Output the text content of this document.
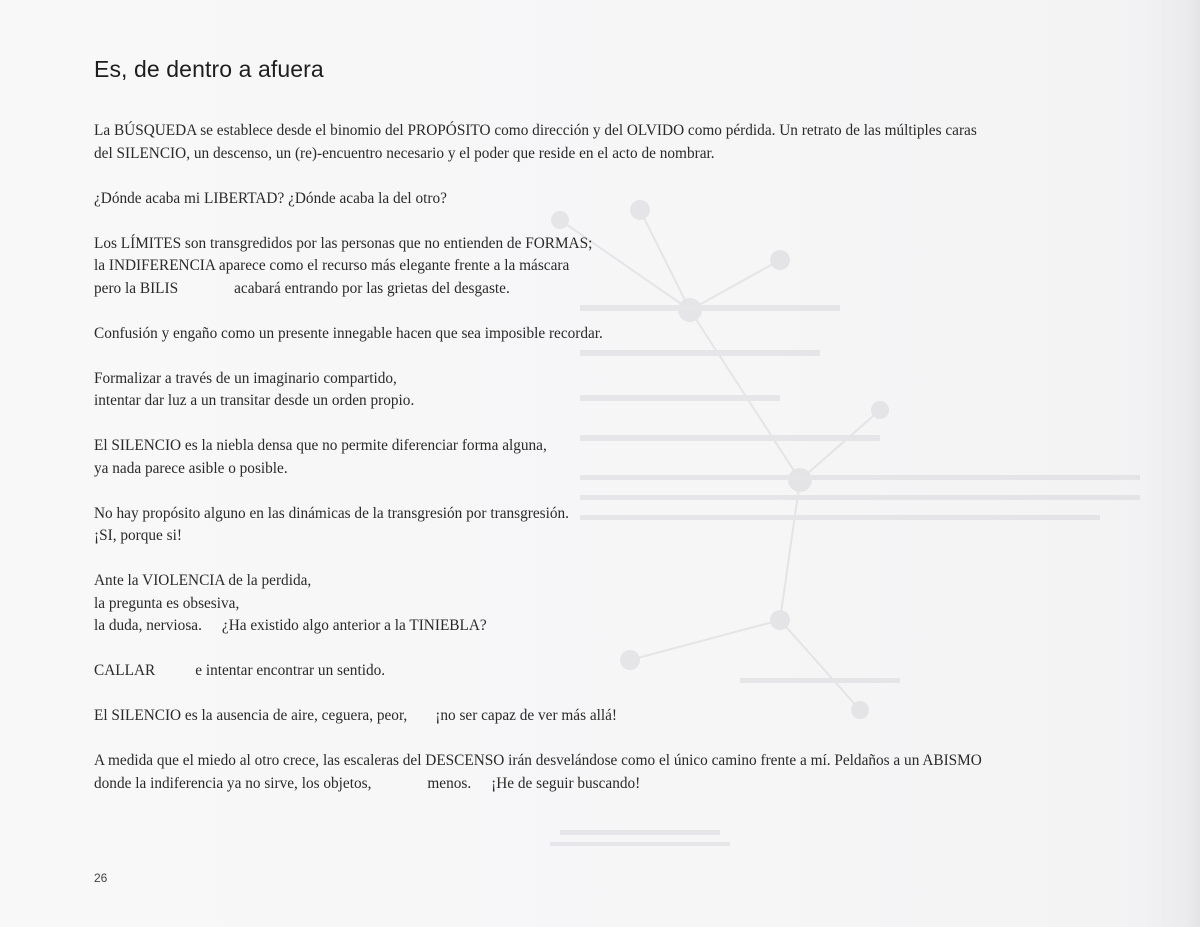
Es, de dentro a afuera

La BÚSQUEDA se establece desde el binomio del PROPÓSITO como dirección y del OLVIDO como pérdida. Un retrato de las múltiples caras
del SILENCIO, un descenso, un (re)-encuentro necesario y el poder que reside en el acto de nombrar.

¿Dónde acaba mi LIBERTAD? ¿Dónde acaba la del otro?

Los LÍMITES son transgredidos por las personas que no entienden de FORMAS;
la INDIFERENCIA aparece como el recurso más elegante frente a la máscara
pero la BILIS	acabará entrando por las grietas del desgaste.

Confusión y engaño como un presente innegable hacen que sea imposible recordar.

Formalizar a través de un imaginario compartido,
intentar dar luz a un transitar desde un orden propio.

El SILENCIO es la niebla densa que no permite diferenciar forma alguna,
ya nada parece asible o posible.

No hay propósito alguno en las dinámicas de la transgresión por transgresión.
¡SI, porque si!

Ante la VIOLENCIA de la perdida,
la pregunta es obsesiva,
la duda, nerviosa. ¿Ha existido algo anterior a la TINIEBLA?

CALLAR	e intentar encontrar un sentido.

El SILENCIO es la ausencia de aire, ceguera, peor, ¡no ser capaz de ver más allá!

A medida que el miedo al otro crece, las escaleras del DESCENSO irán desvelándose como el único camino frente a mí. Peldaños a un ABISMO
donde la indiferencia ya no sirve, los objetos,	menos. ¡He de seguir buscando!

26
